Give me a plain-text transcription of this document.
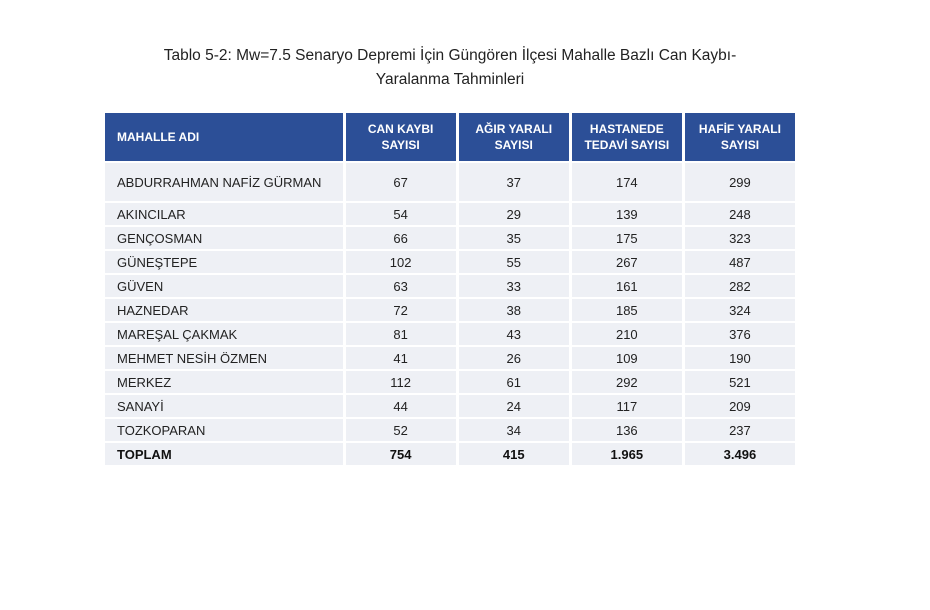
Tablo 5-2: Mw=7.5 Senaryo Depremi İçin Güngören İlçesi Mahalle Bazlı Can Kaybı-
Yaralanma Tahminleri
MAHALLE ADI	CAN KAYBI SAYISI	AĞIR YARALI SAYISI	HASTANEDE TEDAVİ SAYISI	HAFİF YARALI SAYISI
ABDURRAHMAN NAFİZ GÜRMAN	67	37	174	299
AKINCILAR	54	29	139	248
GENÇOSMAN	66	35	175	323
GÜNEŞTEPE	102	55	267	487
GÜVEN	63	33	161	282
HAZNEDAR	72	38	185	324
MAREŞAL ÇAKMAK	81	43	210	376
MEHMET NESİH ÖZMEN	41	26	109	190
MERKEZ	112	61	292	521
SANAYİ	44	24	117	209
TOZKOPARAN	52	34	136	237
TOPLAM	754	415	1.965	3.496
